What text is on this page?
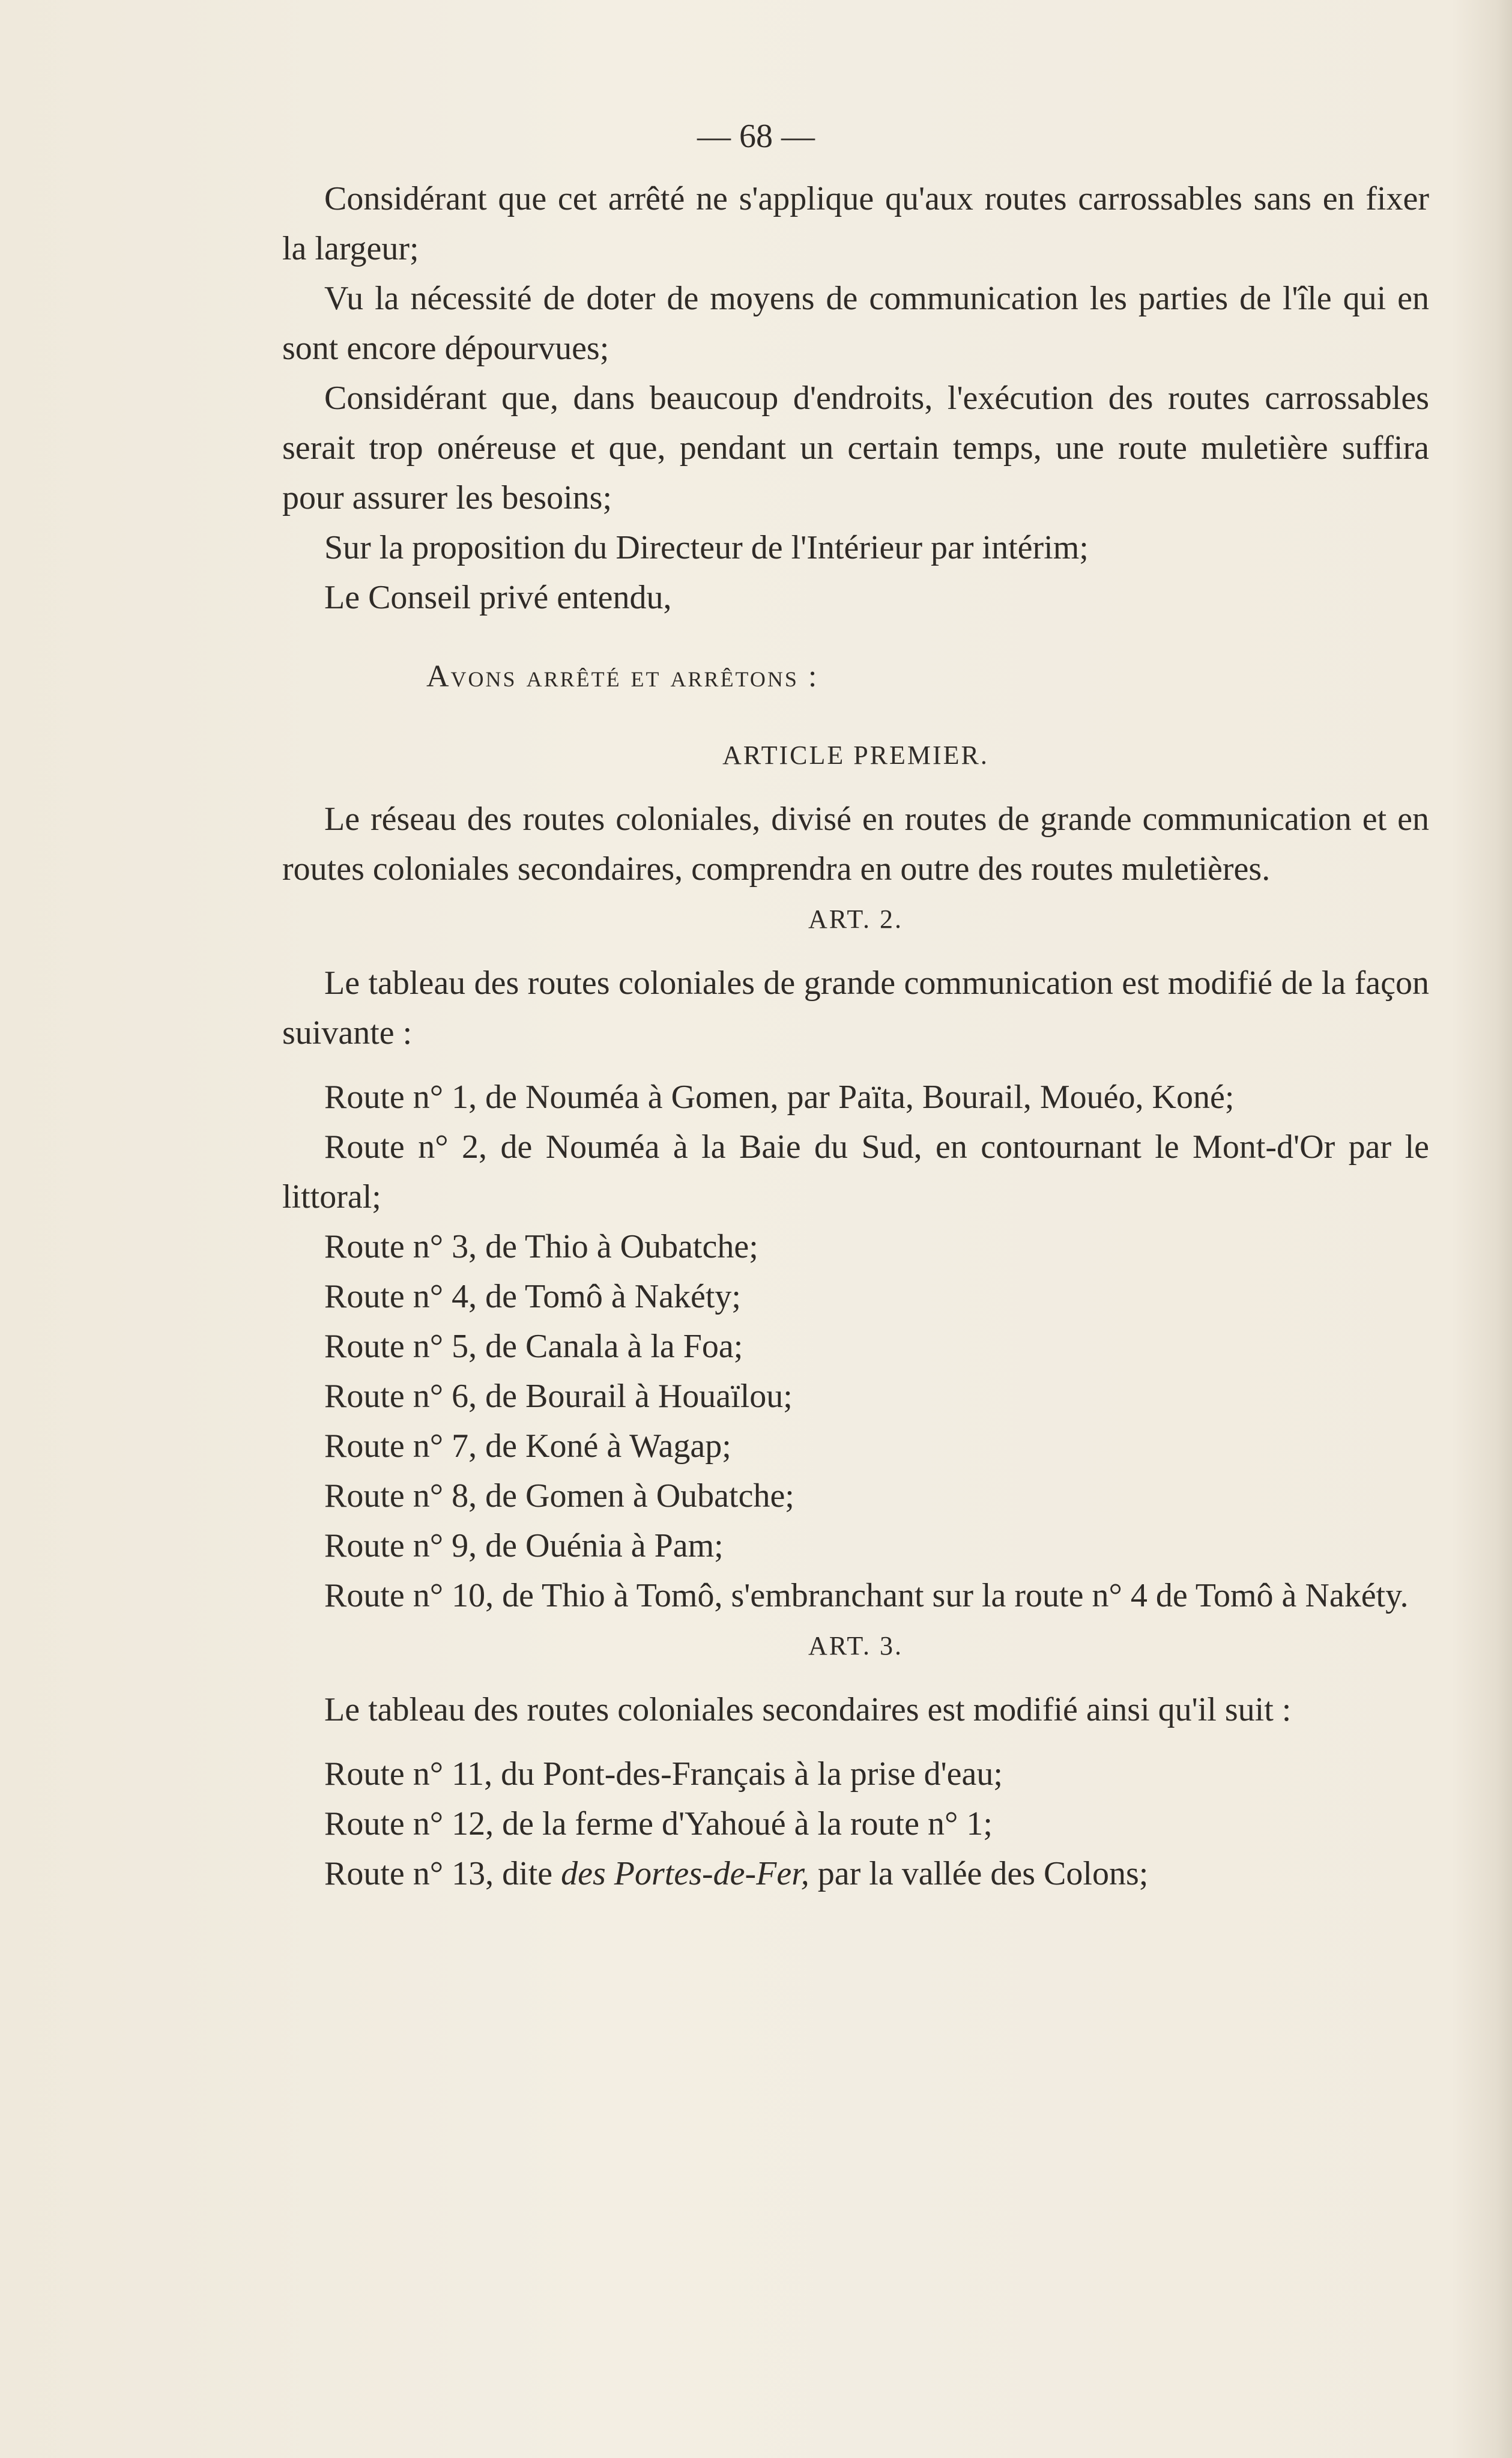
— 68 —

Considérant que cet arrêté ne s'applique qu'aux routes carrossables sans en fixer la largeur;

Vu la nécessité de doter de moyens de communication les parties de l'île qui en sont encore dépourvues;

Considérant que, dans beaucoup d'endroits, l'exécution des routes carrossables serait trop onéreuse et que, pendant un certain temps, une route muletière suffira pour assurer les besoins;

Sur la proposition du Directeur de l'Intérieur par intérim;

Le Conseil privé entendu,

Avons arrêté et arrêtons :

ARTICLE PREMIER.

Le réseau des routes coloniales, divisé en routes de grande communication et en routes coloniales secondaires, comprendra en outre des routes muletières.

ART. 2.

Le tableau des routes coloniales de grande communication est modifié de la façon suivante :

Route n° 1, de Nouméa à Gomen, par Païta, Bourail, Mouéo, Koné;

Route n° 2, de Nouméa à la Baie du Sud, en contournant le Mont-d'Or par le littoral;

Route n° 3, de Thio à Oubatche;

Route n° 4, de Tomô à Nakéty;

Route n° 5, de Canala à la Foa;

Route n° 6, de Bourail à Houaïlou;

Route n° 7, de Koné à Wagap;

Route n° 8, de Gomen à Oubatche;

Route n° 9, de Ouénia à Pam;

Route n° 10, de Thio à Tomô, s'embranchant sur la route n° 4 de Tomô à Nakéty.

ART. 3.

Le tableau des routes coloniales secondaires est modifié ainsi qu'il suit :

Route n° 11, du Pont-des-Français à la prise d'eau;

Route n° 12, de la ferme d'Yahoué à la route n° 1;

Route n° 13, dite des Portes-de-Fer, par la vallée des Colons;
